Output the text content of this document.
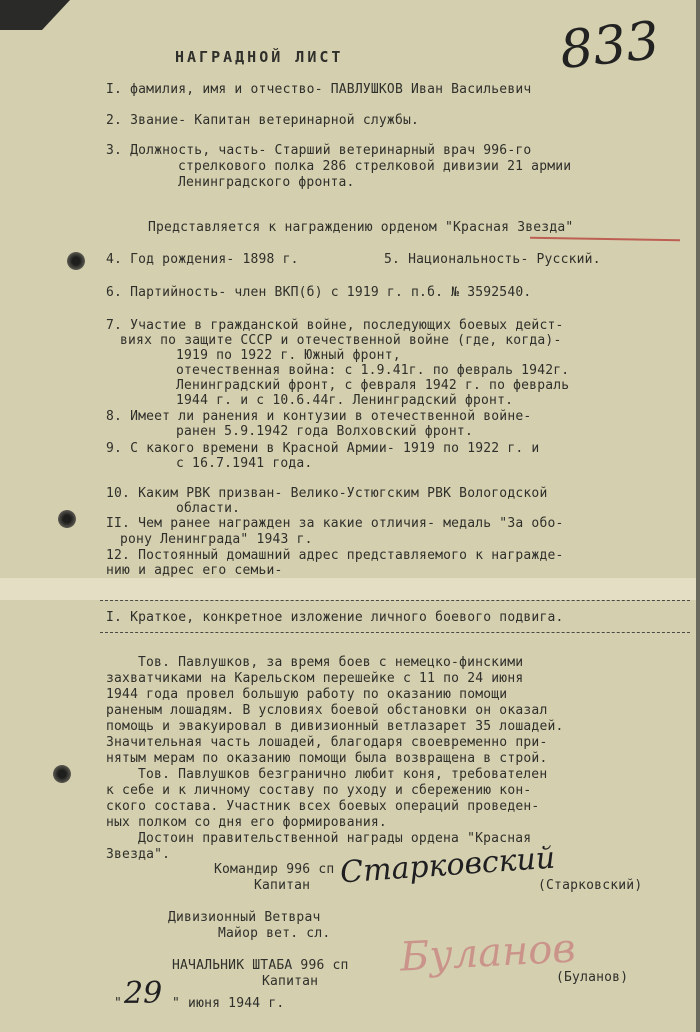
833
НАГРАДНОЙ ЛИСТ
I. фамилия, имя и отчество- ПАВЛУШКОВ Иван Васильевич
2. Звание- Капитан ветеринарной службы.
3. Должность, часть- Старший ветеринарный врач 996-го
стрелкового полка 286 стрелковой дивизии 21 армии
Ленинградского фронта.
Представляется к награждению орденом "Красная Звезда"
4. Год рождения- 1898 г.	5. Национальность- Русский.
6. Партийность- член ВКП(б) с 1919 г. п.б. № 3592540.
7. Участие в гражданской войне, последующих боевых дейст-
виях по защите СССР и отечественной войне (где, когда)-
1919 по 1922 г. Южный фронт,
отечественная война: с 1.9.41г. по февраль 1942г.
Ленинградский фронт, с февраля 1942 г. по февраль
1944 г. и с 10.6.44г. Ленинградский фронт.
8. Имеет ли ранения и контузии в отечественной войне-
ранен 5.9.1942 года Волховский фронт.
9. С какого времени в Красной Армии- 1919 по 1922 г. и
с 16.7.1941 года.
10. Каким РВК призван- Велико-Устюгским РВК Вологодской
области.
II. Чем ранее награжден за какие отличия- медаль "За обо-
рону Ленинграда" 1943 г.
12. Постоянный домашний адрес представляемого к награжде-
нию и адрес его семьи-
I. Краткое, конкретное изложение личного боевого подвига.
Тов. Павлушков, за время боев с немецко-финскими
захватчиками на Карельском перешейке с 11 по 24 июня
1944 года провел большую работу по оказанию помощи
раненым лошадям. В условиях боевой обстановки он оказал
помощь и эвакуировал в дивизионный ветлазарет 35 лошадей.
Значительная часть лошадей, благодаря своевременно при-
нятым мерам по оказанию помощи была возвращена в строй.
Тов. Павлушков безгранично любит коня, требователен
к себе и к личному составу по уходу и сбережению кон-
ского состава. Участник всех боевых операций проведен-
ных полком со дня его формирования.
Достоин правительственной награды ордена "Красная
Звезда".
Командир 996 сп
Капитан Старковский
(Старковский)
Дивизионный Ветврач
Майор вет. сл.
НАЧАЛЬНИК ШТАБА 996 сп
Капитан
Буланов
(Буланов)
" 29 " июня 1944 г.
